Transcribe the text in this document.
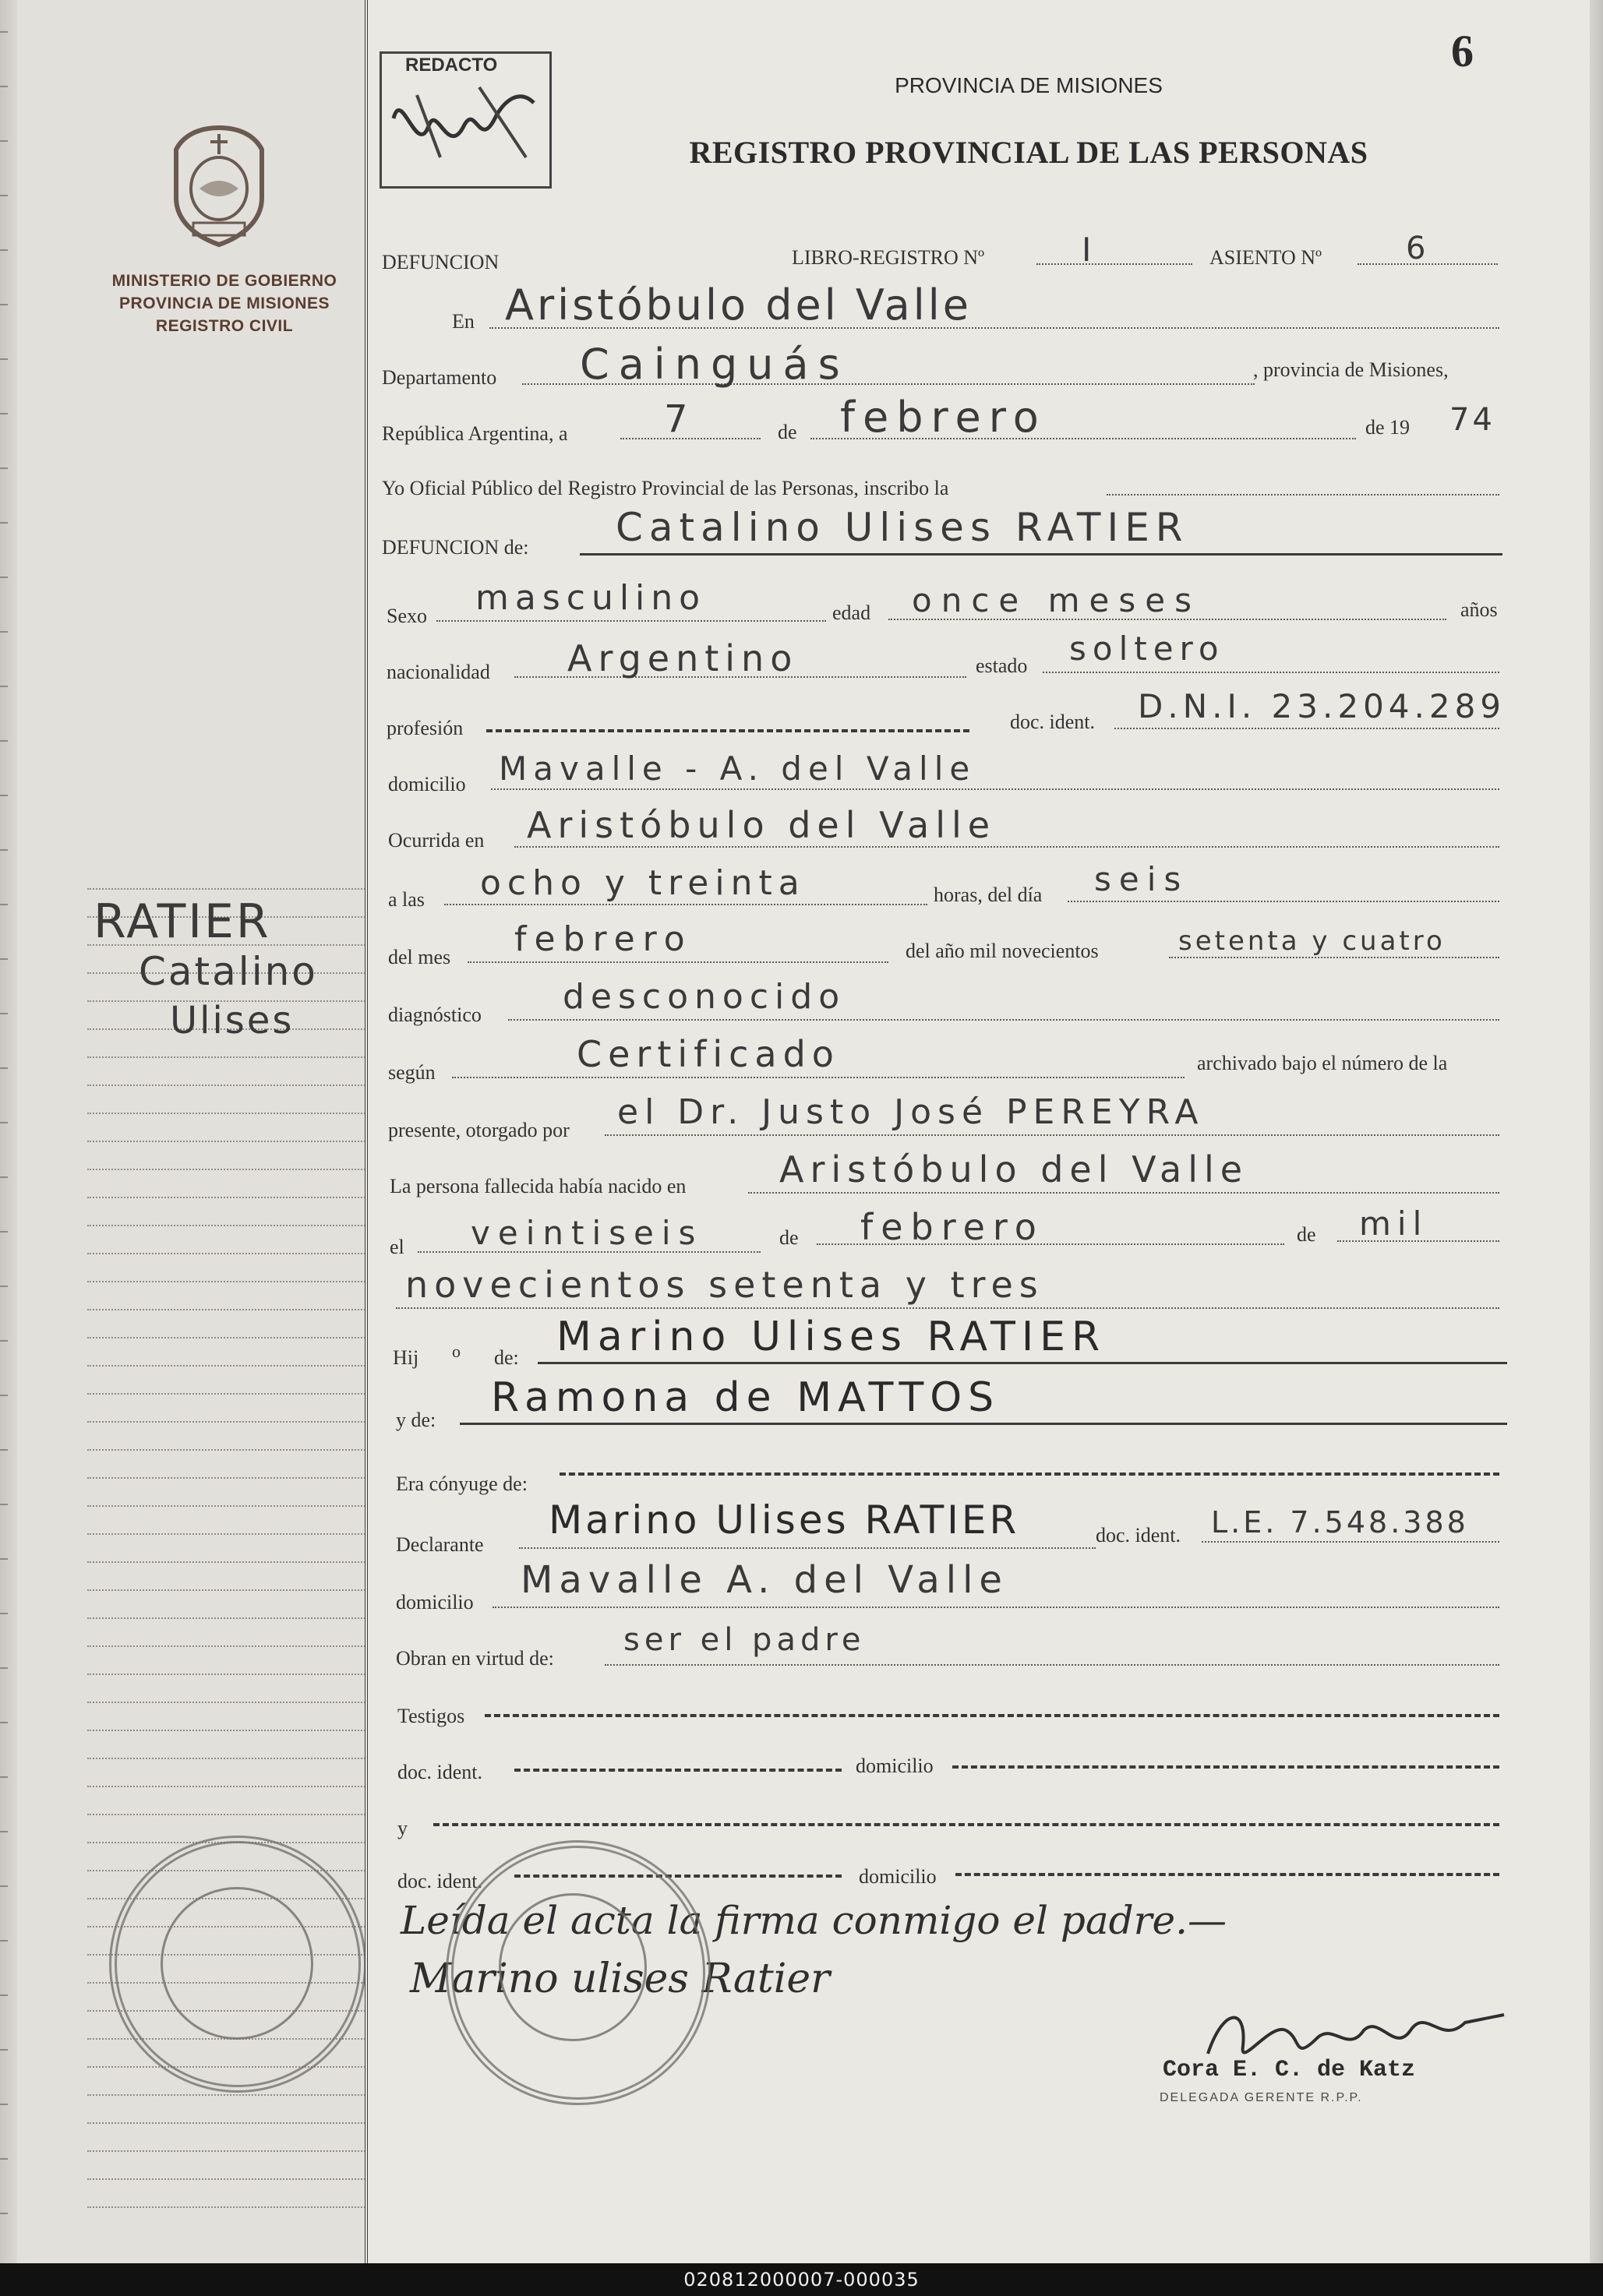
MINISTERIO DE GOBIERNO
PROVINCIA DE MISIONES
REGISTRO CIVIL
RATIER
Catalino
Ulises
6
REDACTO
PROVINCIA DE MISIONES
REGISTRO PROVINCIAL DE LAS PERSONAS
DEFUNCION	LIBRO-REGISTRO Nº	I	ASIENTO Nº	6
En Aristóbulo del Valle
Departamento Cainguás	, provincia de Misiones,
República Argentina, a	7	de febrero	de 19 74
Yo Oficial Público del Registro Provincial de las Personas, inscribo la
DEFUNCION de: Catalino Ulises RATIER
Sexo masculino	edad once meses	años
nacionalidad Argentino	estado soltero
profesión	doc. ident. D.N.I. 23.204.289
domicilio Mavalle - A. del Valle
Ocurrida en Aristóbulo del Valle
a las ocho y treinta	horas, del día seis
del mes febrero	del año mil novecientos	setenta y cuatro
diagnóstico desconocido
según	Certificado	archivado bajo el número de la
presente, otorgado por el Dr. Justo José PEREYRA
La persona fallecida había nacido en	Aristóbulo del Valle
el veintiseis	de febrero	de mil
novecientos setenta y tres
Hij o de: Marino Ulises RATIER
y de: Ramona de MATTOS
Era cónyuge de:
Declarante
Marino Ulises RATIER	doc. ident. L.E. 7.548.388
domicilio
Mavalle A. del Valle
Obran en virtud de:
ser el padre
Testigos
doc. ident.	domicilio
y
doc. ident.	domicilio
Leída el acta la firma conmigo el padre.—
Marino ulises Ratier
Cora E. C. de Katz
DELEGADA GERENTE R.P.P.
020812000007-000035
